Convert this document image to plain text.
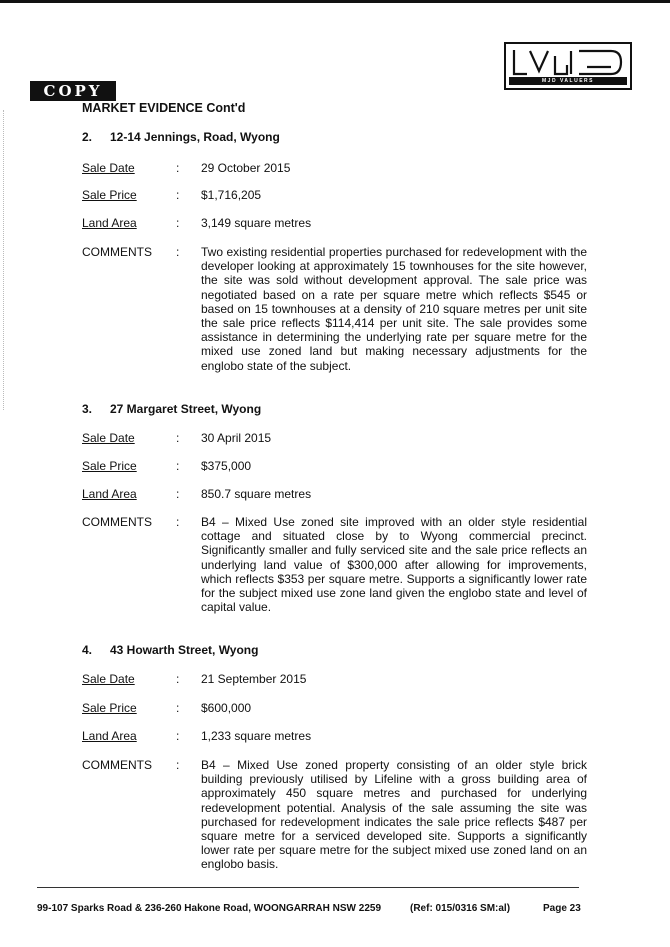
COPY
MJD VALUERS
MARKET EVIDENCE Cont'd
2. 12-14 Jennings, Road, Wyong
Sale Date	: 29 October 2015
Sale Price	: $1,716,205
Land Area	: 3,149 square metres
COMMENTS : Two existing residential properties purchased for redevelopment with the developer looking at approximately 15 townhouses for the site however, the site was sold without development approval. The sale price was negotiated based on a rate per square metre which reflects $545 or based on 15 townhouses at a density of 210 square metres per unit site the sale price reflects $114,414 per unit site. The sale provides some assistance in determining the underlying rate per square metre for the mixed use zoned land but making necessary adjustments for the englobo state of the subject.
3. 27 Margaret Street, Wyong
Sale Date	: 30 April 2015
Sale Price	: $375,000
Land Area	: 850.7 square metres
COMMENTS : B4 – Mixed Use zoned site improved with an older style residential cottage and situated close by to Wyong commercial precinct. Significantly smaller and fully serviced site and the sale price reflects an underlying land value of $300,000 after allowing for improvements, which reflects $353 per square metre. Supports a significantly lower rate for the subject mixed use zone land given the englobo state and level of capital value.
4. 43 Howarth Street, Wyong
Sale Date	: 21 September 2015
Sale Price	: $600,000
Land Area	: 1,233 square metres
COMMENTS : B4 – Mixed Use zoned property consisting of an older style brick building previously utilised by Lifeline with a gross building area of approximately 450 square metres and purchased for underlying redevelopment potential. Analysis of the sale assuming the site was purchased for redevelopment indicates the sale price reflects $487 per square metre for a serviced developed site. Supports a significantly lower rate per square metre for the subject mixed use zoned land on an englobo basis.
99-107 Sparks Road & 236-260 Hakone Road, WOONGARRAH NSW 2259	(Ref: 015/0316 SM:al)	Page 23
